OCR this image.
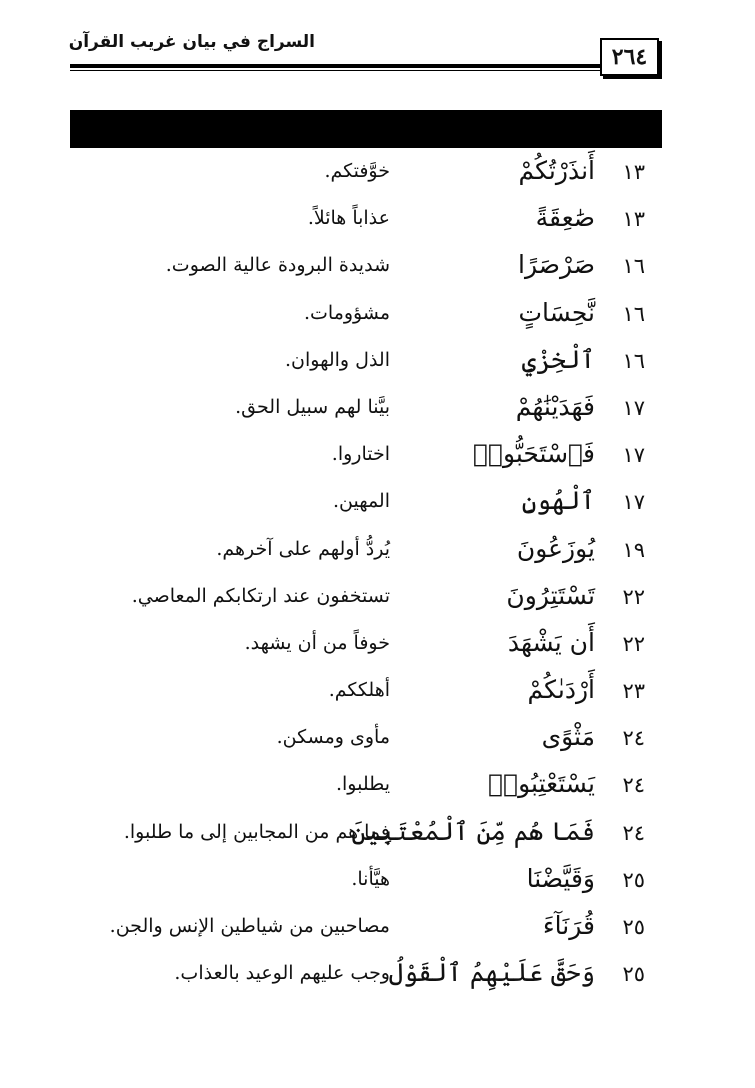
السراج في بيان غريب القرآن
٢٦٤
١٣
أَنذَرْتُكُمْ
خوَّفتكم.
١٣
صَٰعِقَةً
عذاباً هائلاً.
١٦
صَرْصَرًا
شديدة البرودة عالية الصوت.
١٦
نَّحِسَاتٍ
مشؤومات.
١٦
ٱلْخِزْيِ
الذل والهوان.
١٧
فَهَدَيْنَٰهُمْ
بيَّنا لهم سبيل الحق.
١٧
فَٱسْتَحَبُّوا۟
اختاروا.
١٧
ٱلْهُونِ
المهين.
١٩
يُوزَعُونَ
يُردُّ أولهم على آخرهم.
٢٢
تَسْتَتِرُونَ
تستخفون عند ارتكابكم المعاصي.
٢٢
أَن يَشْهَدَ
خوفاً من أن يشهد.
٢٣
أَرْدَىٰكُمْ
أهلككم.
٢٤
مَثْوًى
مأوى ومسكن.
٢٤
يَسْتَعْتِبُوا۟
يطلبوا.
٢٤
فَمَا هُم مِّنَ ٱلْمُعْتَبِينَ
فما هم من المجابين إلى ما طلبوا.
٢٥
وَقَيَّضْنَا
هيَّأنا.
٢٥
قُرَنَآءَ
مصاحبين من شياطين الإنس والجن.
٢٥
وَحَقَّ عَلَيْهِمُ ٱلْقَوْلُ
وجب عليهم الوعيد بالعذاب.
